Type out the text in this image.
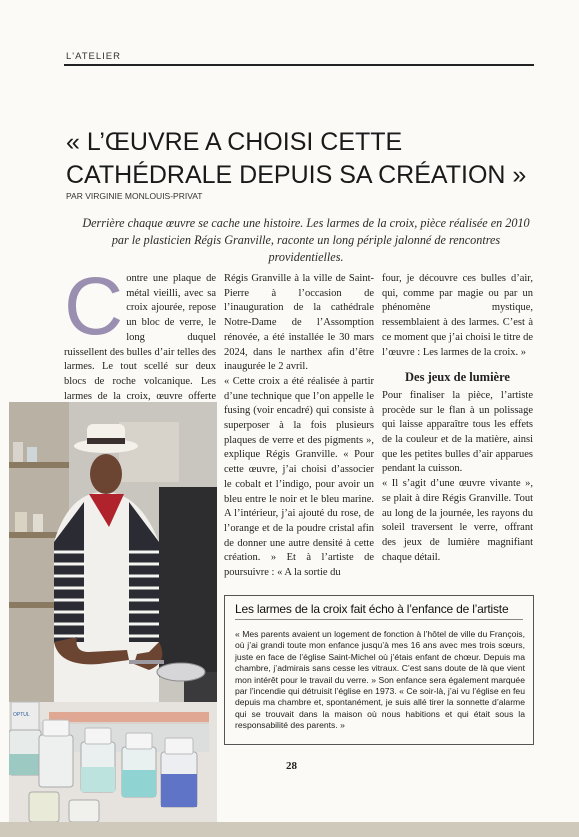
L'ATELIER
« L’ŒUVRE A CHOISI CETTE CATHÉDRALE DEPUIS SA CRÉATION »
PAR VIRGINIE MONLOUIS-PRIVAT

Derrière chaque œuvre se cache une histoire. Les larmes de la croix, pièce réalisée en 2010 par le plasticien Régis Granville, raconte un long périple jalonné de rencontres providentielles.

Contre une plaque de métal vieilli, avec sa croix ajourée, repose un bloc de verre, le long duquel ruissellent des bulles d’air telles des larmes. Le tout scellé sur deux blocs de roche volcanique. Les larmes de la croix, œuvre offerte

Régis Granville à la ville de Saint-Pierre à l’occasion de l’inauguration de la cathédrale Notre-Dame de l’Assomption rénovée, a été installée le 30 mars 2024, dans le narthex afin d’être inaugurée le 2 avril.

« Cette croix a été réalisée à partir d’une technique que l’on appelle le fusing (voir encadré) qui consiste à superposer à la fois plusieurs plaques de verre et des pigments », explique Régis Granville. « Pour cette œuvre, j’ai choisi d’associer le cobalt et l’indigo, pour avoir un bleu entre le noir et le bleu marine. A l’intérieur, j’ai ajouté du rose, de l’orange et de la poudre cristal afin de donner une autre densité à cette création. » Et à l’artiste de poursuivre : « A la sortie du

four, je découvre ces bulles d’air, qui, comme par magie ou par un phénomène mystique, ressemblaient à des larmes. C’est à ce moment que j’ai choisi le titre de l’œuvre : Les larmes de la croix. »

Des jeux de lumière

Pour finaliser la pièce, l’artiste procède sur le flan à un polissage qui laisse apparaître tous les effets de la couleur et de la matière, ainsi que les petites bulles d’air apparues pendant la cuisson.

« Il s’agit d’une œuvre vivante », se plait à dire Régis Granville. Tout au long de la journée, les rayons du soleil traversent le verre, offrant des jeux de lumière magnifiant chaque détail.

OPTUL
Les larmes de la croix fait écho à l’enfance de l’artiste

« Mes parents avaient un logement de fonction à l’hôtel de ville du François, où j’ai grandi toute mon enfance jusqu’à mes 16 ans avec mes trois sœurs, juste en face de l’église Saint-Michel où j’étais enfant de chœur. Depuis ma chambre, j’admirais sans cesse les vitraux. C’est sans doute de là que vient mon intérêt pour le travail du verre. » Son enfance sera également marquée par l’incendie qui détruisit l’église en 1973. « Ce soir-là, j’ai vu l’église en feu depuis ma chambre et, spontanément, je suis allé tirer la sonnette d’alarme qui se trouvait dans la maison où nous habitions et qui était sous la responsabilité des parents. »

28
